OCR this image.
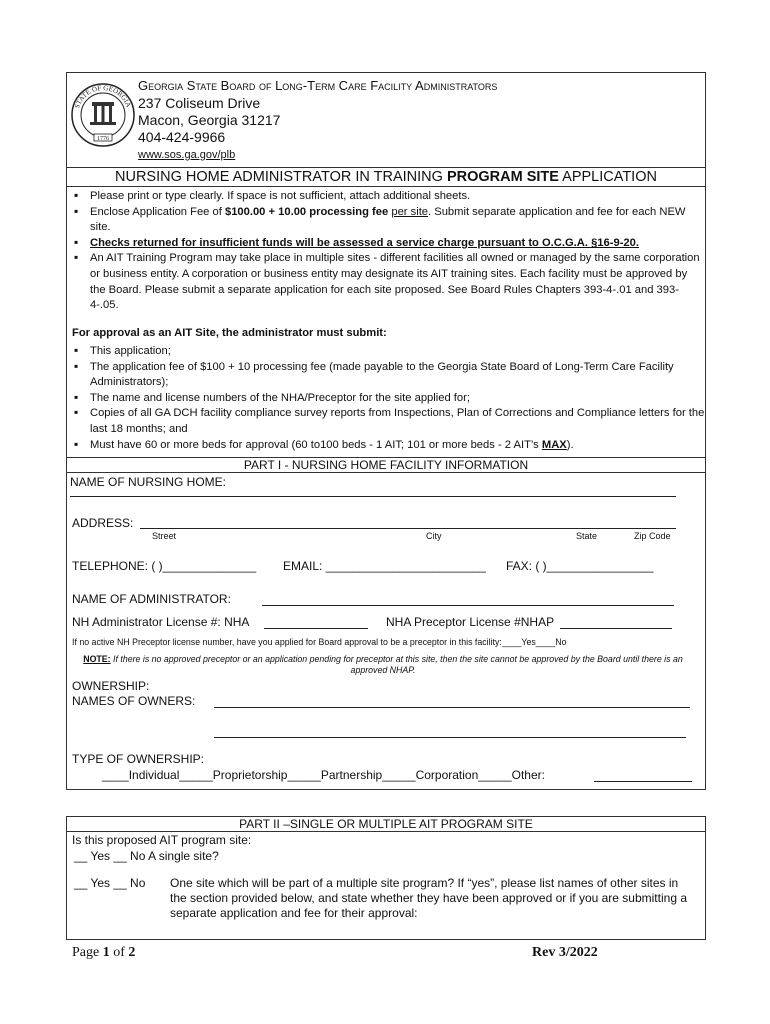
STATE OF GEORGIA
1776
Georgia State Board of Long-Term Care Facility Administrators
237 Coliseum Drive
Macon, Georgia 31217
404-424-9966
www.sos.ga.gov/plb
NURSING HOME ADMINISTRATOR IN TRAINING PROGRAM SITE APPLICATION
▪ Please print or type clearly. If space is not sufficient, attach additional sheets.
▪ Enclose Application Fee of $100.00 + 10.00 processing fee per site. Submit separate application and fee for each NEW site.
▪ Checks returned for insufficient funds will be assessed a service charge pursuant to O.C.G.A. §16-9-20.
▪ An AIT Training Program may take place in multiple sites - different facilities all owned or managed by the same corporation or business entity. A corporation or business entity may designate its AIT training sites. Each facility must be approved by the Board. Please submit a separate application for each site proposed. See Board Rules Chapters 393-4-.01 and 393-4-.05.
For approval as an AIT Site, the administrator must submit:
▪ This application;
▪ The application fee of $100 + 10 processing fee (made payable to the Georgia State Board of Long-Term Care Facility Administrators);
▪ The name and license numbers of the NHA/Preceptor for the site applied for;
▪ Copies of all GA DCH facility compliance survey reports from Inspections, Plan of Corrections and Compliance letters for the last 18 months; and
▪ Must have 60 or more beds for approval (60 to100 beds - 1 AIT; 101 or more beds - 2 AIT’s MAX).
PART I - NURSING HOME FACILITY INFORMATION
NAME OF NURSING HOME:
ADDRESS:
Street	City	State	Zip Code
TELEPHONE: ( )______________ EMAIL: ________________________ FAX: ( )________________
NAME OF ADMINISTRATOR:
NH Administrator License #: NHA	NHA Preceptor License #NHAP
If no active NH Preceptor license number, have you applied for Board approval to be a preceptor in this facility:____Yes____No
NOTE: If there is no approved preceptor or an application pending for preceptor at this site, then the site cannot be approved by the Board until there is an approved NHAP.
OWNERSHIP:
NAMES OF OWNERS:
TYPE OF OWNERSHIP:
____Individual_____Proprietorship_____Partnership_____Corporation_____Other:
PART II –SINGLE OR MULTIPLE AIT PROGRAM SITE
Is this proposed AIT program site:
__ Yes __ No A single site?
__ Yes __ No One site which will be part of a multiple site program? If “yes”, please list names of other sites in the section provided below, and state whether they have been approved or if you are submitting a separate application and fee for their approval:
Page 1 of 2	Rev 3/2022
